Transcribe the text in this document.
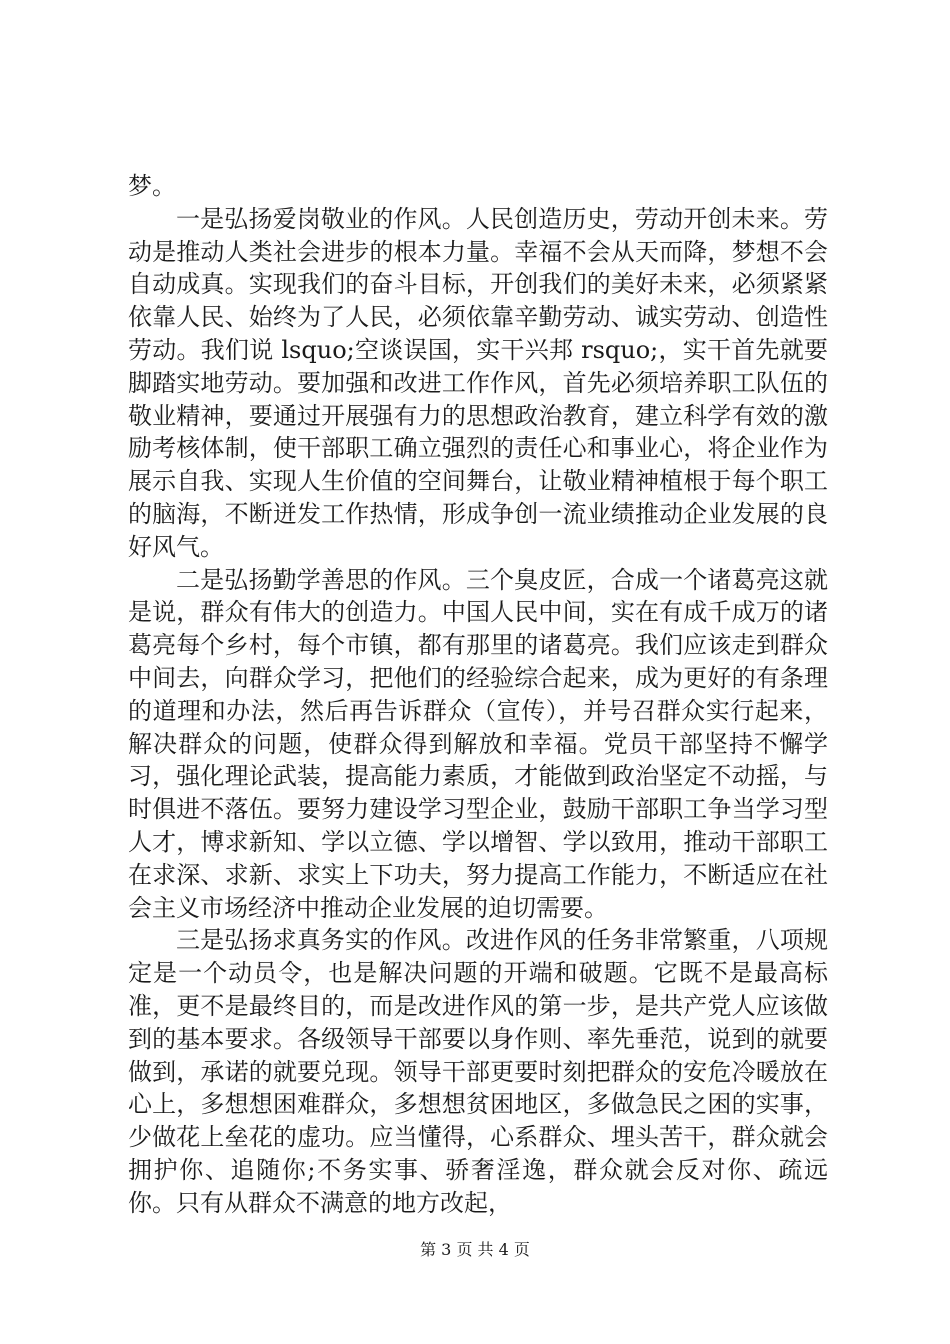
梦。

一是弘扬爱岗敬业的作风。人民创造历史，劳动开创未来。劳动是推动人类社会进步的根本力量。幸福不会从天而降，梦想不会自动成真。实现我们的奋斗目标，开创我们的美好未来，必须紧紧依靠人民、始终为了人民，必须依靠辛勤劳动、诚实劳动、创造性劳动。我们说 lsquo;空谈误国，实干兴邦 rsquo;，实干首先就要脚踏实地劳动。要加强和改进工作作风，首先必须培养职工队伍的敬业精神，要通过开展强有力的思想政治教育，建立科学有效的激励考核体制，使干部职工确立强烈的责任心和事业心，将企业作为展示自我、实现人生价值的空间舞台，让敬业精神植根于每个职工的脑海，不断迸发工作热情，形成争创一流业绩推动企业发展的良好风气。

二是弘扬勤学善思的作风。三个臭皮匠，合成一个诸葛亮这就是说，群众有伟大的创造力。中国人民中间，实在有成千成万的诸葛亮每个乡村，每个市镇，都有那里的诸葛亮。我们应该走到群众中间去，向群众学习，把他们的经验综合起来，成为更好的有条理的道理和办法，然后再告诉群众（宣传），并号召群众实行起来，解决群众的问题，使群众得到解放和幸福。党员干部坚持不懈学习，强化理论武装，提高能力素质，才能做到政治坚定不动摇，与时俱进不落伍。要努力建设学习型企业，鼓励干部职工争当学习型人才，博求新知、学以立德、学以增智、学以致用，推动干部职工在求深、求新、求实上下功夫，努力提高工作能力，不断适应在社会主义市场经济中推动企业发展的迫切需要。

三是弘扬求真务实的作风。改进作风的任务非常繁重，八项规定是一个动员令，也是解决问题的开端和破题。它既不是最高标准，更不是最终目的，而是改进作风的第一步，是共产党人应该做到的基本要求。各级领导干部要以身作则、率先垂范，说到的就要做到，承诺的就要兑现。领导干部更要时刻把群众的安危冷暖放在心上，多想想困难群众，多想想贫困地区，多做急民之困的实事，少做花上垒花的虚功。应当懂得，心系群众、埋头苦干，群众就会拥护你、追随你;不务实事、骄奢淫逸，群众就会反对你、疏远你。只有从群众不满意的地方改起，

第 3 页 共 4 页
